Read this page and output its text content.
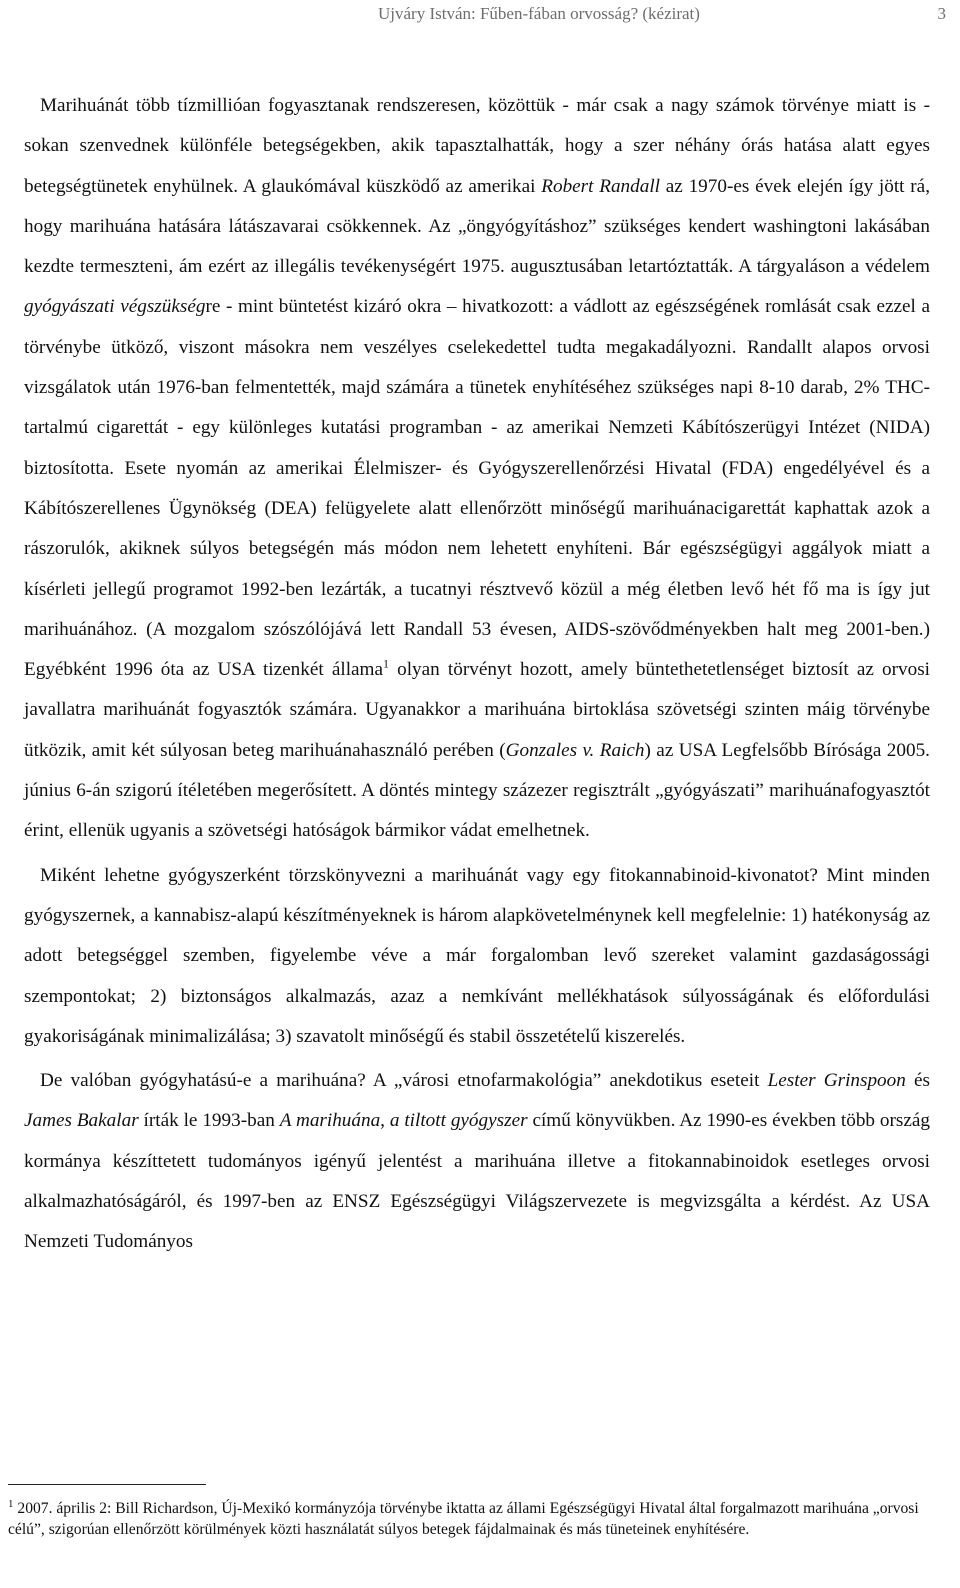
Ujváry István: Fűben-fában orvosság? (kézirat)	3

Marihuánát több tízmillióan fogyasztanak rendszeresen, közöttük - már csak a nagy számok törvénye miatt is - sokan szenvednek különféle betegségekben, akik tapasztalhatták, hogy a szer néhány órás hatása alatt egyes betegségtünetek enyhülnek. A glaukómával küszködő az amerikai Robert Randall az 1970-es évek elején így jött rá, hogy marihuána hatására látászavarai csökkennek. Az „öngyógyításhoz” szükséges kendert washingtoni lakásában kezdte termeszteni, ám ezért az illegális tevékenységért 1975. augusztusában letartóztatták. A tárgyaláson a védelem gyógyászati végszükségre - mint büntetést kizáró okra – hivatkozott: a vádlott az egészségének romlását csak ezzel a törvénybe ütköző, viszont másokra nem veszélyes cselekedettel tudta megakadályozni. Randallt alapos orvosi vizsgálatok után 1976-ban felmentették, majd számára a tünetek enyhítéséhez szükséges napi 8-10 darab, 2% THC-tartalmú cigarettát - egy különleges kutatási programban - az amerikai Nemzeti Kábítószerügyi Intézet (NIDA) biztosította. Esete nyomán az amerikai Élelmiszer- és Gyógyszerellenőrzési Hivatal (FDA) engedélyével és a Kábítószerellenes Ügynökség (DEA) felügyelete alatt ellenőrzött minőségű marihuánacigarettát kaphattak azok a rászorulók, akiknek súlyos betegségén más módon nem lehetett enyhíteni. Bár egészségügyi aggályok miatt a kísérleti jellegű programot 1992-ben lezárták, a tucatnyi résztvevő közül a még életben levő hét fő ma is így jut marihuánához. (A mozgalom szószólójává lett Randall 53 évesen, AIDS-szövődményekben halt meg 2001-ben.) Egyébként 1996 óta az USA tizenkét állama$^1$ olyan törvényt hozott, amely büntethetetlenséget biztosít az orvosi javallatra marihuánát fogyasztók számára. Ugyanakkor a marihuána birtoklása szövetségi szinten máig törvénybe ütközik, amit két súlyosan beteg marihuánahasználó perében (Gonzales v. Raich) az USA Legfelsőbb Bírósága 2005. június 6-án szigorú ítéletében megerősített. A döntés mintegy százezer regisztrált „gyógyászati” marihuánafogyasztót érint, ellenük ugyanis a szövetségi hatóságok bármikor vádat emelhetnek.

Miként lehetne gyógyszerként törzskönyvezni a marihuánát vagy egy fitokannabinoid-kivonatot? Mint minden gyógyszernek, a kannabisz-alapú készítményeknek is három alapkövetelménynek kell megfelelnie: 1) hatékonyság az adott betegséggel szemben, figyelembe véve a már forgalomban levő szereket valamint gazdaságossági szempontokat; 2) biztonságos alkalmazás, azaz a nemkívánt mellékhatások súlyosságának és előfordulási gyakoriságának minimalizálása; 3) szavatolt minőségű és stabil összetételű kiszerelés.

De valóban gyógyhatású-e a marihuána? A „városi etnofarmakológia” anekdotikus eseteit Lester Grinspoon és James Bakalar írták le 1993-ban A marihuána, a tiltott gyógyszer című könyvükben. Az 1990-es években több ország kormánya készíttetett tudományos igényű jelentést a marihuána illetve a fitokannabinoidok esetleges orvosi alkalmazhatóságáról, és 1997-ben az ENSZ Egészségügyi Világszervezete is megvizsgálta a kérdést. Az USA Nemzeti Tudományos

$^1$ 2007. április 2: Bill Richardson, Új-Mexikó kormányzója törvénybe iktatta az állami Egészségügyi Hivatal által forgalmazott marihuána „orvosi célú”, szigorúan ellenőrzött körülmények közti használatát súlyos betegek fájdalmainak és más tüneteinek enyhítésére.
